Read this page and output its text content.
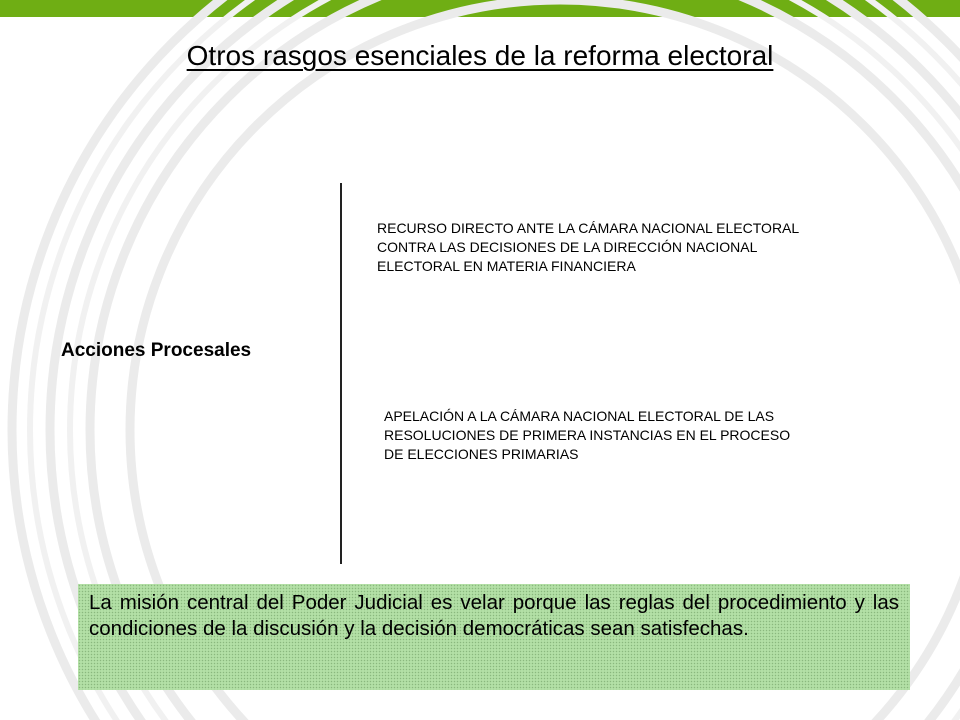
Otros rasgos esenciales de la reforma electoral
Acciones Procesales
RECURSO DIRECTO ANTE LA CÁMARA NACIONAL ELECTORAL
CONTRA LAS DECISIONES DE LA DIRECCIÓN NACIONAL
ELECTORAL EN MATERIA FINANCIERA
APELACIÓN A LA CÁMARA NACIONAL ELECTORAL DE LAS
RESOLUCIONES DE PRIMERA INSTANCIAS EN EL PROCESO
DE ELECCIONES PRIMARIAS
La misión central del Poder Judicial es velar porque las reglas del procedimiento y las condiciones de la discusión y la decisión democráticas sean satisfechas.
